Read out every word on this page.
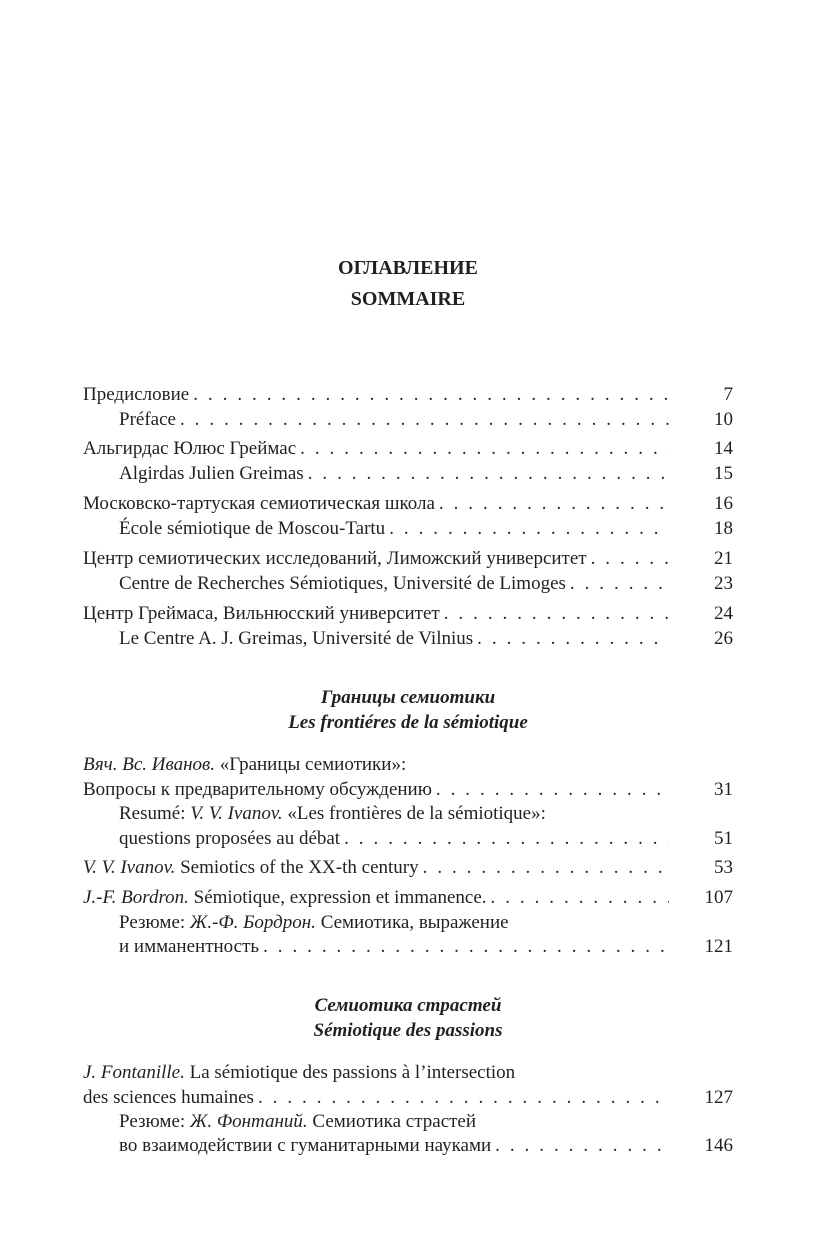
ОГЛАВЛЕНИЕ
SOMMAIRE
Предисловие . . .	7
Préface . . .	10
Альгирдас Юлюс Греймас . . .	14
Algirdas Julien Greimas . . .	15
Московско-тартуская семиотическая школа . . .	16
École sémiotique de Moscou-Tartu . . .	18
Центр семиотических исследований, Лиможский университет . . .	21
Centre de Recherches Sémiotiques, Université de Limoges . . .	23
Центр Греймаса, Вильнюсский университет . . .	24
Le Centre A. J. Greimas, Université de Vilnius . . .	26
Границы семиотики
Les frontiéres de la sémiotique
Вяч. Вс. Иванов. «Границы семиотики»:
Вопросы к предварительному обсуждению . . .	31
Resumé: V. V. Ivanov. «Les frontières de la sémiotique»:
questions proposées au débat . . .	51
V. V. Ivanov. Semiotics of the XX-th century . . .	53
J.-F. Bordron. Sémiotique, expression et immanence. . . .	107
Резюме: Ж.-Ф. Бордрон. Семиотика, выражение
и имманентность . . .	121
Семиотика страстей
Sémiotique des passions
J. Fontanille. La sémiotique des passions à l’intersection
des sciences humaines . . .	127
Резюме: Ж. Фонтаний. Семиотика страстей
во взаимодействии с гуманитарными науками . . .	146
